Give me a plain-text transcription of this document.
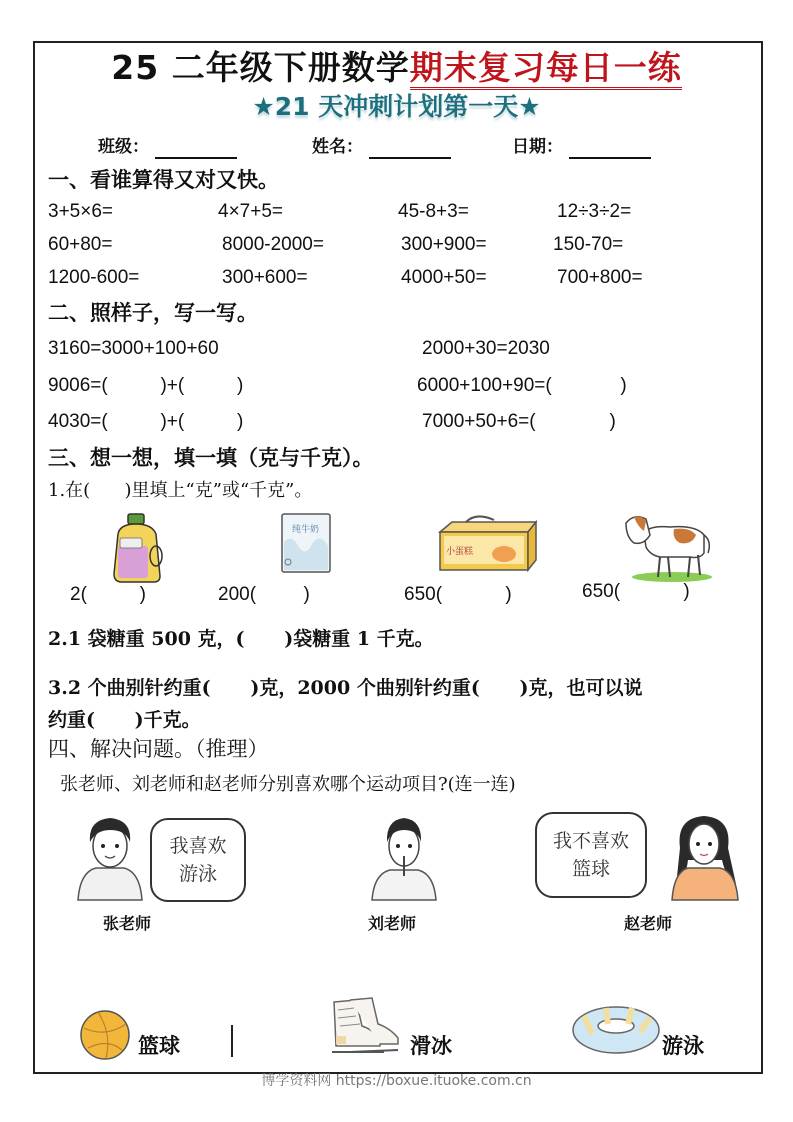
25 二年级下册数学期末复习每日一练
★21 天冲刺计划第一天★
班级：	姓名：	日期：
一、看谁算得又对又快。
3+5×6=	4×7+5=	45-8+3=	12÷3÷2=
60+80=	8000-2000=	300+900=	150-70=
1200-600=	300+600=	4000+50=	700+800=
二、照样子，写一写。
3160=3000+100+60	2000+30=2030
9006=(          )+(          )	6000+100+90=(             )
4030=(          )+(          )	7000+50+6=(              )
三、想一想，填一填（克与千克）。
1.在(      )里填上“克”或“千克”。
纯牛奶
小蛋糕
2(          )	200(         )	650(            )	650(            )
2.1 袋糖重 500 克，(      )袋糖重 1 千克。
3.2 个曲别针约重(      )克，2000 个曲别针约重(      )克，也可以说
约重(      )千克。
四、解决问题。（推理）
张老师、刘老师和赵老师分别喜欢哪个运动项目?(连一连)
我喜欢
游泳
张老师	刘老师
我不喜欢
篮球
赵老师
篮球	滑冰	游泳
博学资料网 https://boxue.ituoke.com.cn
